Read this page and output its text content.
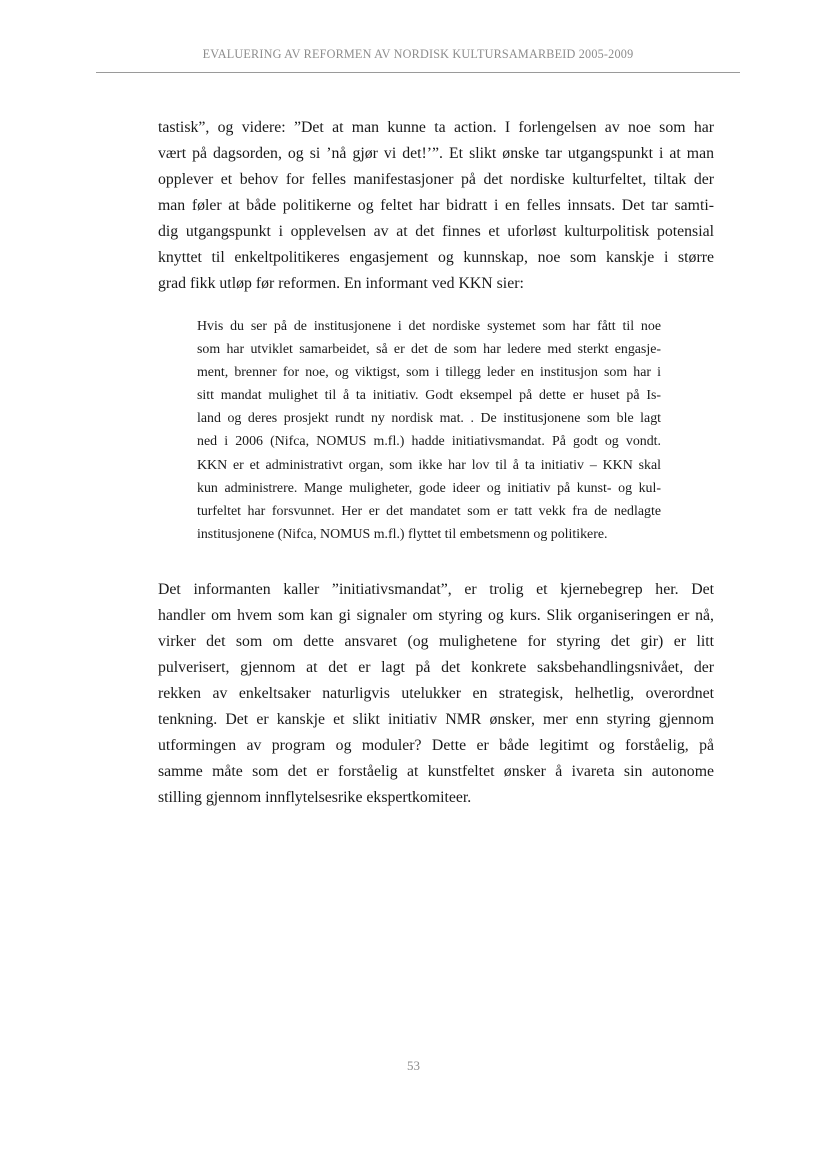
EVALUERING AV REFORMEN AV NORDISK KULTURSAMARBEID 2005-2009
tastisk”, og videre: ”Det at man kunne ta action. I forlengelsen av noe som har
vært på dagsorden, og si ’nå gjør vi det!’”. Et slikt ønske tar utgangspunkt i at man
opplever et behov for felles manifestasjoner på det nordiske kulturfeltet, tiltak der
man føler at både politikerne og feltet har bidratt i en felles innsats. Det tar samti-
dig utgangspunkt i opplevelsen av at det finnes et uforløst kulturpolitisk potensial
knyttet til enkeltpolitikeres engasjement og kunnskap, noe som kanskje i større
grad fikk utløp før reformen. En informant ved KKN sier:
Hvis du ser på de institusjonene i det nordiske systemet som har fått til noe
som har utviklet samarbeidet, så er det de som har ledere med sterkt engasje-
ment, brenner for noe, og viktigst, som i tillegg leder en institusjon som har i
sitt mandat mulighet til å ta initiativ. Godt eksempel på dette er huset på Is-
land og deres prosjekt rundt ny nordisk mat. . De institusjonene som ble lagt
ned i 2006 (Nifca, NOMUS m.fl.) hadde initiativsmandat. På godt og vondt.
KKN er et administrativt organ, som ikke har lov til å ta initiativ – KKN skal
kun administrere. Mange muligheter, gode ideer og initiativ på kunst- og kul-
turfeltet har forsvunnet. Her er det mandatet som er tatt vekk fra de nedlagte
institusjonene (Nifca, NOMUS m.fl.) flyttet til embetsmenn og politikere.
Det informanten kaller ”initiativsmandat”, er trolig et kjernebegrep her. Det
handler om hvem som kan gi signaler om styring og kurs. Slik organiseringen er nå,
virker det som om dette ansvaret (og mulighetene for styring det gir) er litt
pulverisert, gjennom at det er lagt på det konkrete saksbehandlingsnivået, der
rekken av enkeltsaker naturligvis utelukker en strategisk, helhetlig, overordnet
tenkning. Det er kanskje et slikt initiativ NMR ønsker, mer enn styring gjennom
utformingen av program og moduler? Dette er både legitimt og forståelig, på
samme måte som det er forståelig at kunstfeltet ønsker å ivareta sin autonome
stilling gjennom innflytelsesrike ekspertkomiteer.
53
